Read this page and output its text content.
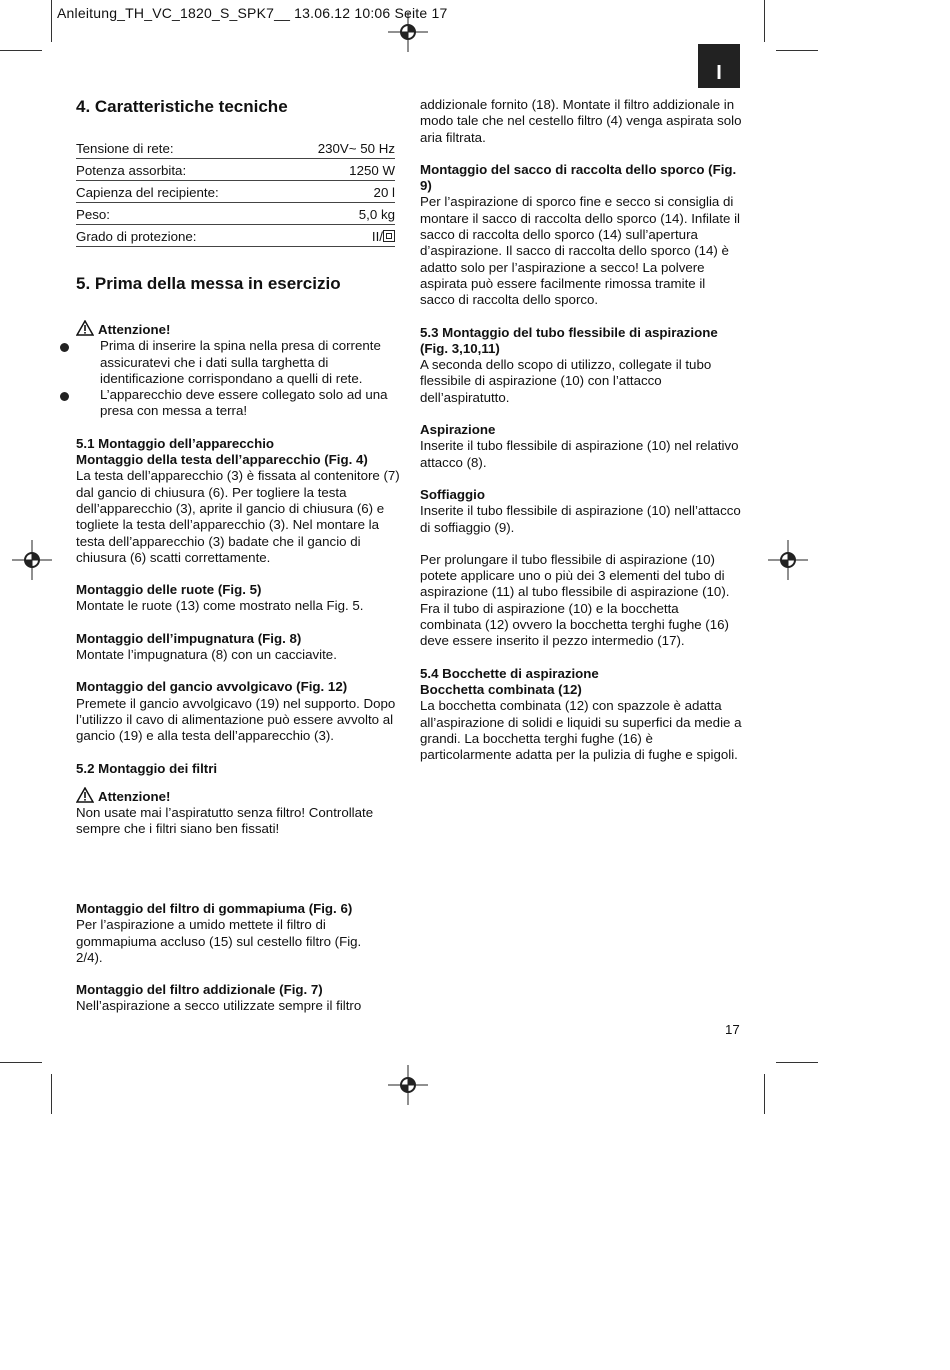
Anleitung_TH_VC_1820_S_SPK7__ 13.06.12 10:06 Seite 17
I
4. Caratteristiche tecniche
Tensione di rete:	230V~ 50 Hz
Potenza assorbita:	1250 W
Capienza del recipiente:	20 l
Peso:	5,0 kg
Grado di protezione:	II/
5. Prima della messa in esercizio

Attenzione!

Prima di inserire la spina nella presa di corrente assicuratevi che i dati sulla targhetta di identificazione corrispondano a quelli di rete.
L’apparecchio deve essere collegato solo ad una presa con messa a terra!

5.1 Montaggio dell’apparecchio

Montaggio della testa dell’apparecchio (Fig. 4)

La testa dell’apparecchio (3) è fissata al contenitore (7) dal gancio di chiusura (6). Per togliere la testa dell’apparecchio (3), aprite il gancio di chiusura (6) e togliete la testa dell’apparecchio (3). Nel montare la testa dell’apparecchio (3) badate che il gancio di chiusura (6) scatti correttamente.

Montaggio delle ruote (Fig. 5)

Montate le ruote (13) come mostrato nella Fig. 5.

Montaggio dell’impugnatura (Fig. 8)

Montate l’impugnatura (8) con un cacciavite.

Montaggio del gancio avvolgicavo (Fig. 12)

Premete il gancio avvolgicavo (19) nel supporto. Dopo l’utilizzo il cavo di alimentazione può essere avvolto al gancio (19) e alla testa dell’apparecchio (3).

5.2 Montaggio dei filtri

Attenzione!

Non usate mai l’aspiratutto senza filtro! Controllate sempre che i filtri siano ben fissati!

Montaggio del filtro di gommapiuma (Fig. 6)

Per l’aspirazione a umido mettete il filtro di gommapiuma accluso (15) sul cestello filtro (Fig. 2/4).

Montaggio del filtro addizionale (Fig. 7)

Nell’aspirazione a secco utilizzate sempre il filtro

addizionale fornito (18). Montate il filtro addizionale in modo tale che nel cestello filtro (4) venga aspirata solo aria filtrata.

Montaggio del sacco di raccolta dello sporco (Fig. 9)

Per l’aspirazione di sporco fine e secco si consiglia di montare il sacco di raccolta dello sporco (14). Infilate il sacco di raccolta dello sporco (14) sull’apertura d’aspirazione. Il sacco di raccolta dello sporco (14) è adatto solo per l’aspirazione a secco! La polvere aspirata può essere facilmente rimossa tramite il sacco di raccolta dello sporco.

5.3 Montaggio del tubo flessibile di aspirazione (Fig. 3,10,11)

A seconda dello scopo di utilizzo, collegate il tubo flessibile di aspirazione (10) con l’attacco dell’aspiratutto.

Aspirazione

Inserite il tubo flessibile di aspirazione (10) nel relativo attacco (8).

Soffiaggio

Inserite il tubo flessibile di aspirazione (10) nell’attacco di soffiaggio (9).

Per prolungare il tubo flessibile di aspirazione (10) potete applicare uno o più dei 3 elementi del tubo di aspirazione (11) al tubo flessibile di aspirazione (10). Fra il tubo di aspirazione (10) e la bocchetta combinata (12) ovvero la bocchetta terghi fughe (16) deve essere inserito il pezzo intermedio (17).

5.4 Bocchette di aspirazione

Bocchetta combinata (12)

La bocchetta combinata (12) con spazzole è adatta all’aspirazione di solidi e liquidi su superfici da medie a grandi. La bocchetta terghi fughe (16) è particolarmente adatta per la pulizia di fughe e spigoli.

17
